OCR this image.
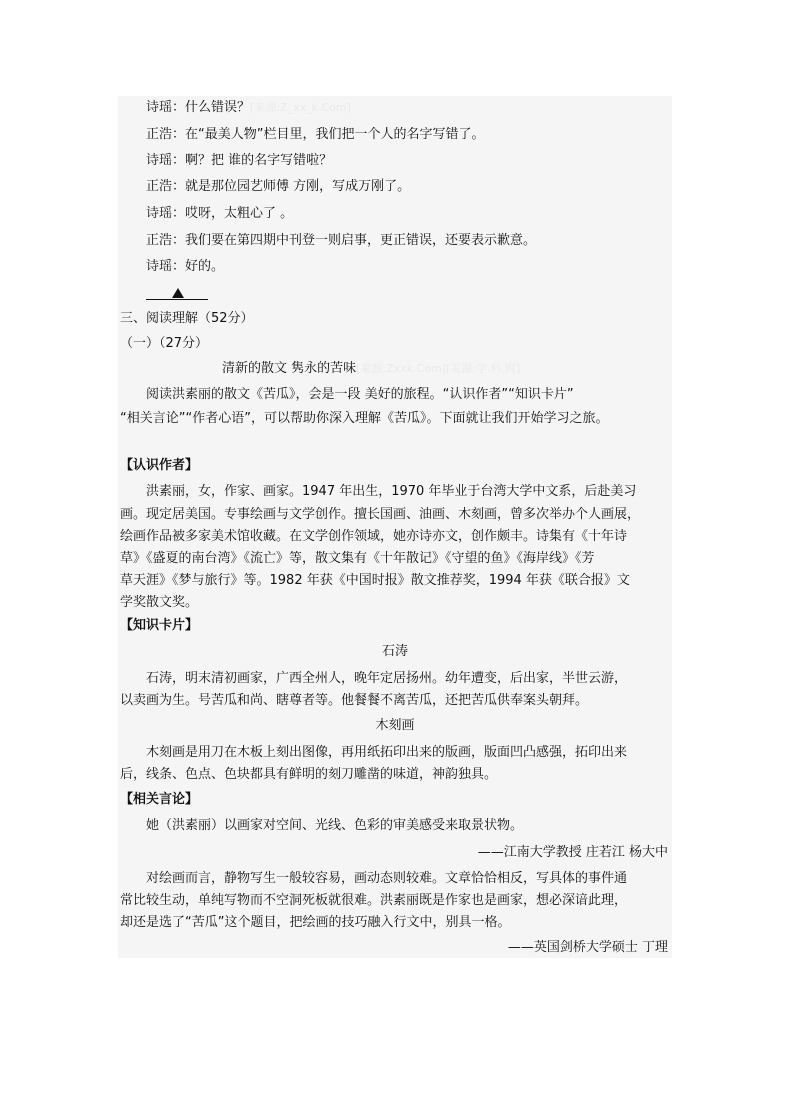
诗瑶：什么错误？[来源:Z_xx_k.Com]
正浩：在“最美人物”栏目里，我们把一个人的名字写错了。
诗瑶：啊？把 谁的名字写错啦？
正浩：就是那位园艺师傅 方刚，写成万刚了。
诗瑶：哎呀，太粗心了 。
正浩：我们要在第四期中刊登一则启事，更正错误，还要表示歉意。
诗瑶：好的。
三、阅读理解（52分）
（一）（27分）
清新的散文 隽永的苦味[来源:Zxxk.Com][来源:学.科.网]
阅读洪素丽的散文《苦瓜》，会是一段 美好的旅程。“认识作者”“知识卡片”
“相关言论”“作者心语”，可以帮助你深入理解《苦瓜》。下面就让我们开始学习之旅。
【认识作者】
洪素丽，女，作家、画家。1947 年出生，1970 年毕业于台湾大学中文系，后赴美习
画。现定居美国。专事绘画与文学创作。擅长国画、油画、木刻画，曾多次举办个人画展，
绘画作品被多家美术馆收藏。在文学创作领域，她亦诗亦文，创作颇丰。诗集有《十年诗
草》《盛夏的南台湾》《流亡》等，散文集有《十年散记》《守望的鱼》《海岸线》《芳
草天涯》《梦与旅行》等。1982 年获《中国时报》散文推荐奖，1994 年获《联合报》文
学奖散文奖。
【知识卡片】
石涛
石涛，明末清初画家，广西全州人，晚年定居扬州。幼年遭变，后出家，半世云游，
以卖画为生。号苦瓜和尚、瞎尊者等。他餐餐不离苦瓜，还把苦瓜供奉案头朝拜。
木刻画
木刻画是用刀在木板上刻出图像，再用纸拓印出来的版画，版面凹凸感强，拓印出来
后，线条、色点、色块都具有鲜明的刻刀雕凿的味道，神韵独具。
【相关言论】
她（洪素丽）以画家对空间、光线、色彩的审美感受来取景状物。
——江南大学教授 庄若江 杨大中
对绘画而言，静物写生一般较容易，画动态则较难。文章恰恰相反，写具体的事件通
常比较生动，单纯写物而不空洞死板就很难。洪素丽既是作家也是画家，想必深谙此理，
却还是选了“苦瓜”这个题目，把绘画的技巧融入行文中，别具一格。
——英国剑桥大学硕士 丁理
